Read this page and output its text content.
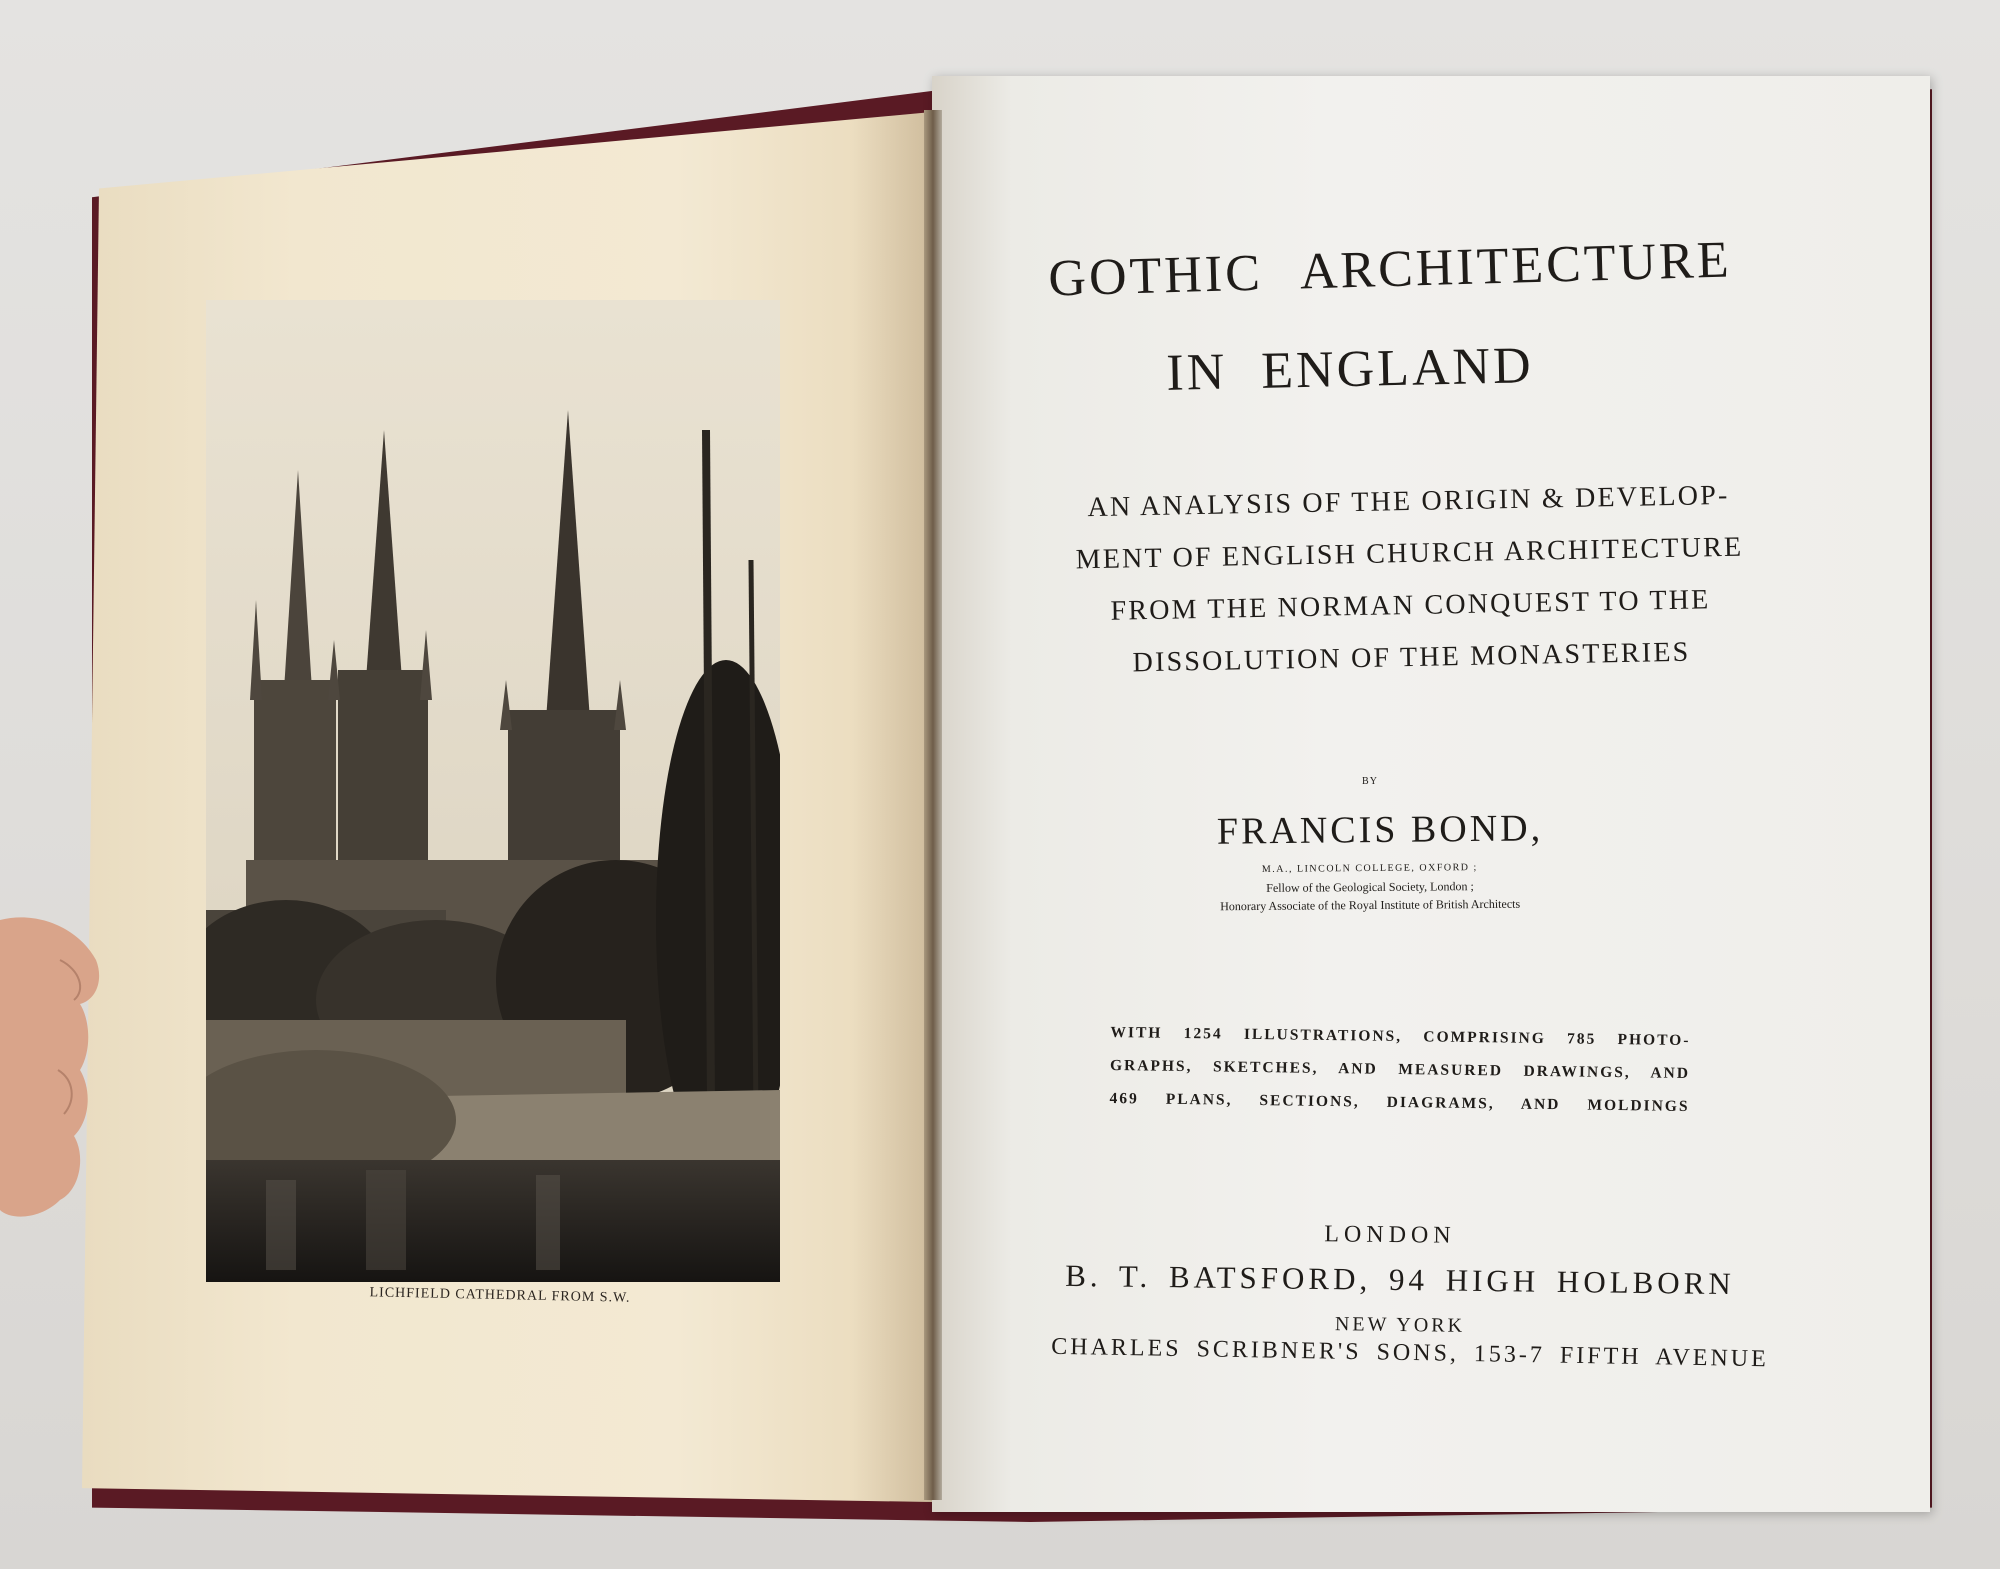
LICHFIELD CATHEDRAL FROM S.W.
GOTHIC ARCHITECTURE
IN ENGLAND
AN ANALYSIS OF THE ORIGIN & DEVELOP-
MENT OF ENGLISH CHURCH ARCHITECTURE
FROM THE NORMAN CONQUEST TO THE
DISSOLUTION OF THE MONASTERIES
BY
FRANCIS BOND,
M.A., LINCOLN COLLEGE, OXFORD ;
Fellow of the Geological Society, London ;
Honorary Associate of the Royal Institute of British Architects
WITH 1254 ILLUSTRATIONS, COMPRISING 785 PHOTO-
GRAPHS, SKETCHES, AND MEASURED DRAWINGS, AND
469 PLANS, SECTIONS, DIAGRAMS, AND MOLDINGS
LONDON
B. T. BATSFORD, 94 HIGH HOLBORN
NEW YORK
CHARLES SCRIBNER'S SONS, 153-7 FIFTH AVENUE
